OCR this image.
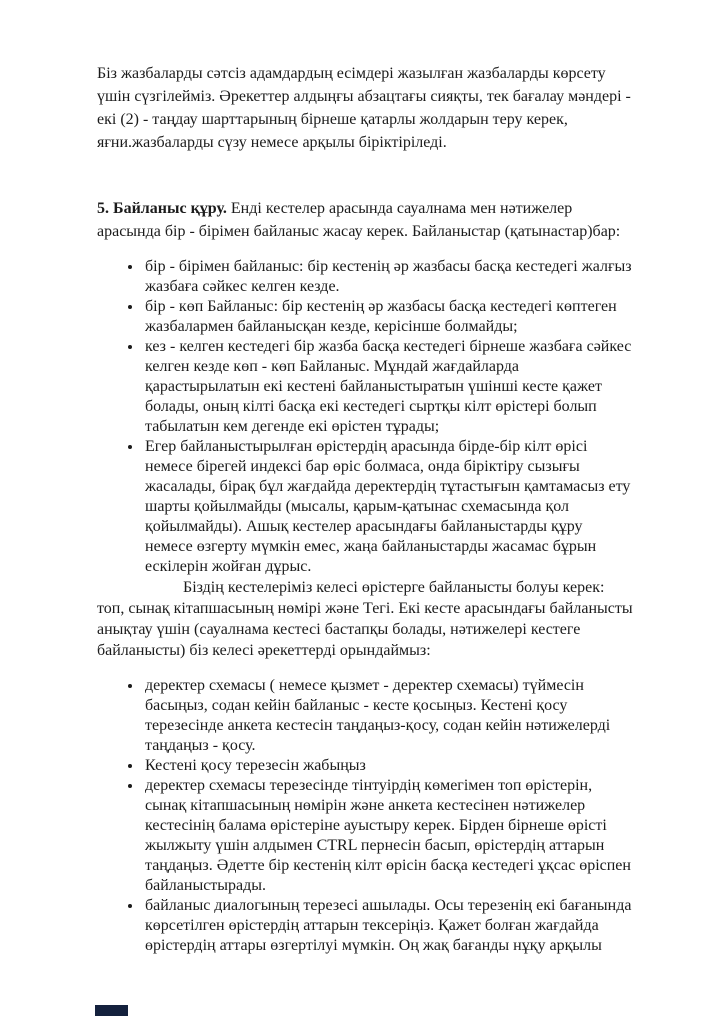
Біз жазбаларды сәтсіз адамдардың есімдері жазылған жазбаларды көрсету үшін сүзгілейміз. Әрекеттер алдыңғы абзацтағы сияқты, тек бағалау мәндері - екі (2) - таңдау шарттарының бірнеше қатарлы жолдарын теру керек, яғни.жазбаларды сүзу немесе арқылы біріктіріледі.

5. Байланыс құру. Енді кестелер арасында сауалнама мен нәтижелер арасында бір - бірімен байланыс жасау керек. Байланыстар (қатынастар)бар:

• бір - бірімен байланыс: бір кестенің әр жазбасы басқа кестедегі жалғыз жазбаға сәйкес келген кезде.
• бір - көп Байланыс: бір кестенің әр жазбасы басқа кестедегі көптеген жазбалармен байланысқан кезде, керісінше болмайды;
• кез - келген кестедегі бір жазба басқа кестедегі бірнеше жазбаға сәйкес келген кезде көп - көп Байланыс. Мұндай жағдайларда қарастырылатын екі кестені байланыстыратын үшінші кесте қажет болады, оның кілті басқа екі кестедегі сыртқы кілт өрістері болып табылатын кем дегенде екі өрістен тұрады;
• Егер байланыстырылған өрістердің арасында бірде-бір кілт өрісі немесе бірегей индексі бар өріс болмаса, онда біріктіру сызығы жасалады, бірақ бұл жағдайда деректердің тұтастығын қамтамасыз ету шарты қойылмайды (мысалы, қарым-қатынас схемасында қол қойылмайды). Ашық кестелер арасындағы байланыстарды құру немесе өзгерту мүмкін емес, жаңа байланыстарды жасамас бұрын ескілерін жойған дұрыс.

Біздің кестелеріміз келесі өрістерге байланысты болуы керек: топ, сынақ кітапшасының нөмірі және Тегі. Екі кесте арасындағы байланысты анықтау үшін (сауалнама кестесі бастапқы болады, нәтижелері кестеге байланысты) біз келесі әрекеттерді орындаймыз:

• деректер схемасы ( немесе қызмет - деректер схемасы) түймесін басыңыз, содан кейін байланыс - кесте қосыңыз. Кестені қосу терезесінде анкета кестесін таңдаңыз-қосу, содан кейін нәтижелерді таңдаңыз - қосу.
• Кестені қосу терезесін жабыңыз
• деректер схемасы терезесінде тінтуірдің көмегімен топ өрістерін, сынақ кітапшасының нөмірін және анкета кестесінен нәтижелер кестесінің балама өрістеріне ауыстыру керек. Бірден бірнеше өрісті жылжыту үшін алдымен CTRL пернесін басып, өрістердің аттарын таңдаңыз. Әдетте бір кестенің кілт өрісін басқа кестедегі ұқсас өріспен байланыстырады.
• байланыс диалогының терезесі ашылады. Осы терезенің екі бағанында көрсетілген өрістердің аттарын тексеріңіз. Қажет болған жағдайда өрістердің аттары өзгертілуі мүмкін. Оң жақ бағанды нұқу арқылы
